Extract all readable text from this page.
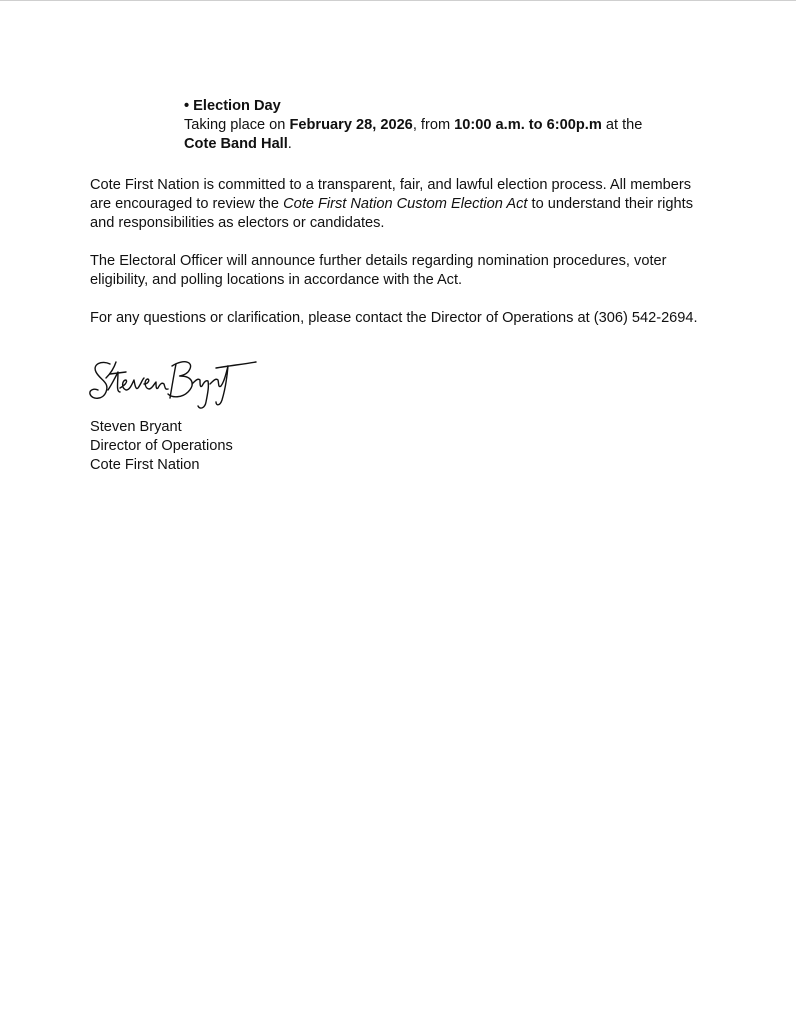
• Election Day

Taking place on February 28, 2026, from 10:00 a.m. to 6:00p.m at the
Cote Band Hall.

Cote First Nation is committed to a transparent, fair, and lawful election process. All members are encouraged to review the Cote First Nation Custom Election Act to understand their rights and responsibilities as electors or candidates.

The Electoral Officer will announce further details regarding nomination procedures, voter eligibility, and polling locations in accordance with the Act.

For any questions or clarification, please contact the Director of Operations at (306) 542-2694.

Steven Bryant
Director of Operations
Cote First Nation
